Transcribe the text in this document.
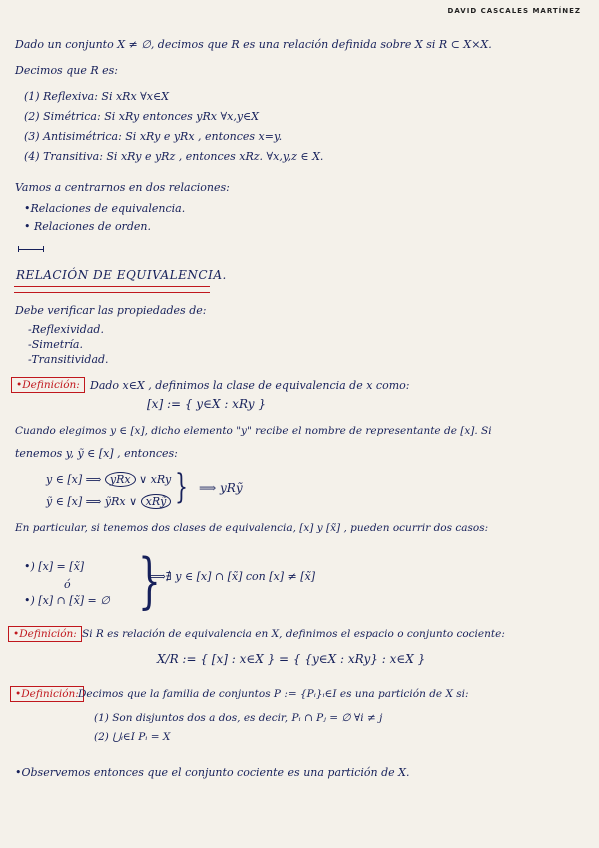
DAVID CASCALES MARTÍNEZ
Dado un conjunto X ≠ ∅, decimos que R es una relación definida sobre X si R ⊂ X×X.
Decimos que R es:
(1) Reflexiva: Si xRx ∀x∈X
(2) Simétrica: Si xRy entonces yRx ∀x,y∈X
(3) Antisimétrica: Si xRy e yRx , entonces x=y.
(4) Transitiva: Si xRy e yRz , entonces xRz. ∀x,y,z ∈ X.
Vamos a centrarnos en dos relaciones:
•Relaciones de equivalencia.
• Relaciones de orden.
RELACIÓN DE EQUIVALENCIA.
Debe verificar las propiedades de:
-Reflexividad.
-Simetría.
-Transitividad.
•Definición: Dado x∈X , definimos la clase de equivalencia de x como:
[x] := { y∈X : xRy }
Cuando elegimos y ∈ [x], dicho elemento "y" recibe el nombre de representante de [x]. Si
tenemos y, ỹ ∈ [x] , entonces:
y ∈ [x] ⟹ yRx ∨ xRy
ỹ ∈ [x] ⟹ ỹRx ∨ xRỹ } ⟹ yRỹ
En particular, si tenemos dos clases de equivalencia, [x] y [x̃] , pueden ocurrir dos casos:
•) [x] = [x̃]
ó
•) [x] ∩ [x̃] = ∅ }
⟹∄ y ∈ [x] ∩ [x̃] con [x] ≠ [x̃]
•Definición: Si R es relación de equivalencia en X, definimos el espacio o conjunto cociente:
X/R := { [x] : x∈X } = { {y∈X : xRy} : x∈X }
•Definición: Decimos que la familia de conjuntos P := {Pᵢ}ᵢ∈I es una partición de X si:
(1) Son disjuntos dos a dos, es decir, Pᵢ ∩ Pⱼ = ∅ ∀i ≠ j
(2) ⋃ᵢ∈I Pᵢ = X
•Observemos entonces que el conjunto cociente es una partición de X.
